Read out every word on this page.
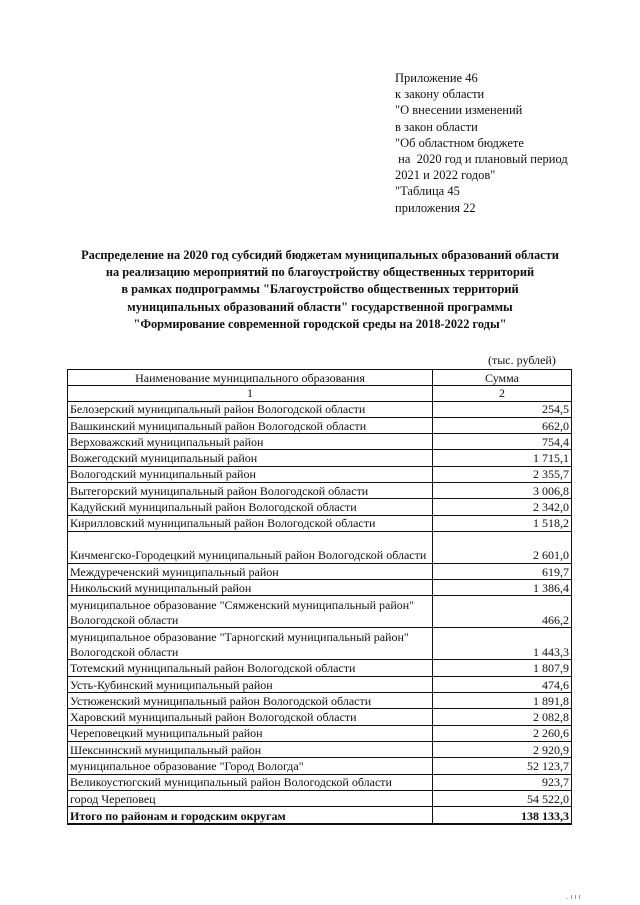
Приложение 46
к закону области
"О внесении изменений
в закон области
"Об областном бюджете
на  2020 год и плановый период
2021 и 2022 годов"
"Таблица 45
приложения 22
Распределение на 2020 год субсидий бюджетам муниципальных образований области
на реализацию мероприятий по благоустройству общественных территорий
в рамках подпрограммы "Благоустройство общественных территорий
муниципальных образований области" государственной программы
"Формирование современной городской среды на 2018-2022 годы"
(тыс. рублей)
Наименование муниципального образования	Сумма
1	2
Белозерский муниципальный район Вологодской области	254,5
Вашкинский муниципальный район Вологодской области	662,0
Верховажский муниципальный район	754,4
Вожегодский муниципальный район	1 715,1
Вологодский муниципальный район	2 355,7
Вытегорский муниципальный район Вологодской области	3 006,8
Кадуйский муниципальный район Вологодской области	2 342,0
Кирилловский муниципальный район Вологодской области	1 518,2
Кичменгско-Городецкий муниципальный район Вологодской области	2 601,0
Междуреченский муниципальный район	619,7
Никольский муниципальный район	1 386,4
муниципальное образование "Сямженский муниципальный район" Вологодской области	466,2
муниципальное образование "Тарногский муниципальный район" Вологодской области	1 443,3
Тотемский муниципальный район Вологодской области	1 807,9
Усть-Кубинский муниципальный район	474,6
Устюженский муниципальный район Вологодской области	1 891,8
Харовский муниципальный район Вологодской области	2 082,8
Череповецкий муниципальный район	2 260,6
Шекснинский муниципальный район	2 920,9
муниципальное образование "Город Вологда"	52 123,7
Великоустюгский муниципальный район Вологодской области	923,7
город Череповец	54 522,0
Итого по районам и городским округам	138 133,3
. ı ı ı
